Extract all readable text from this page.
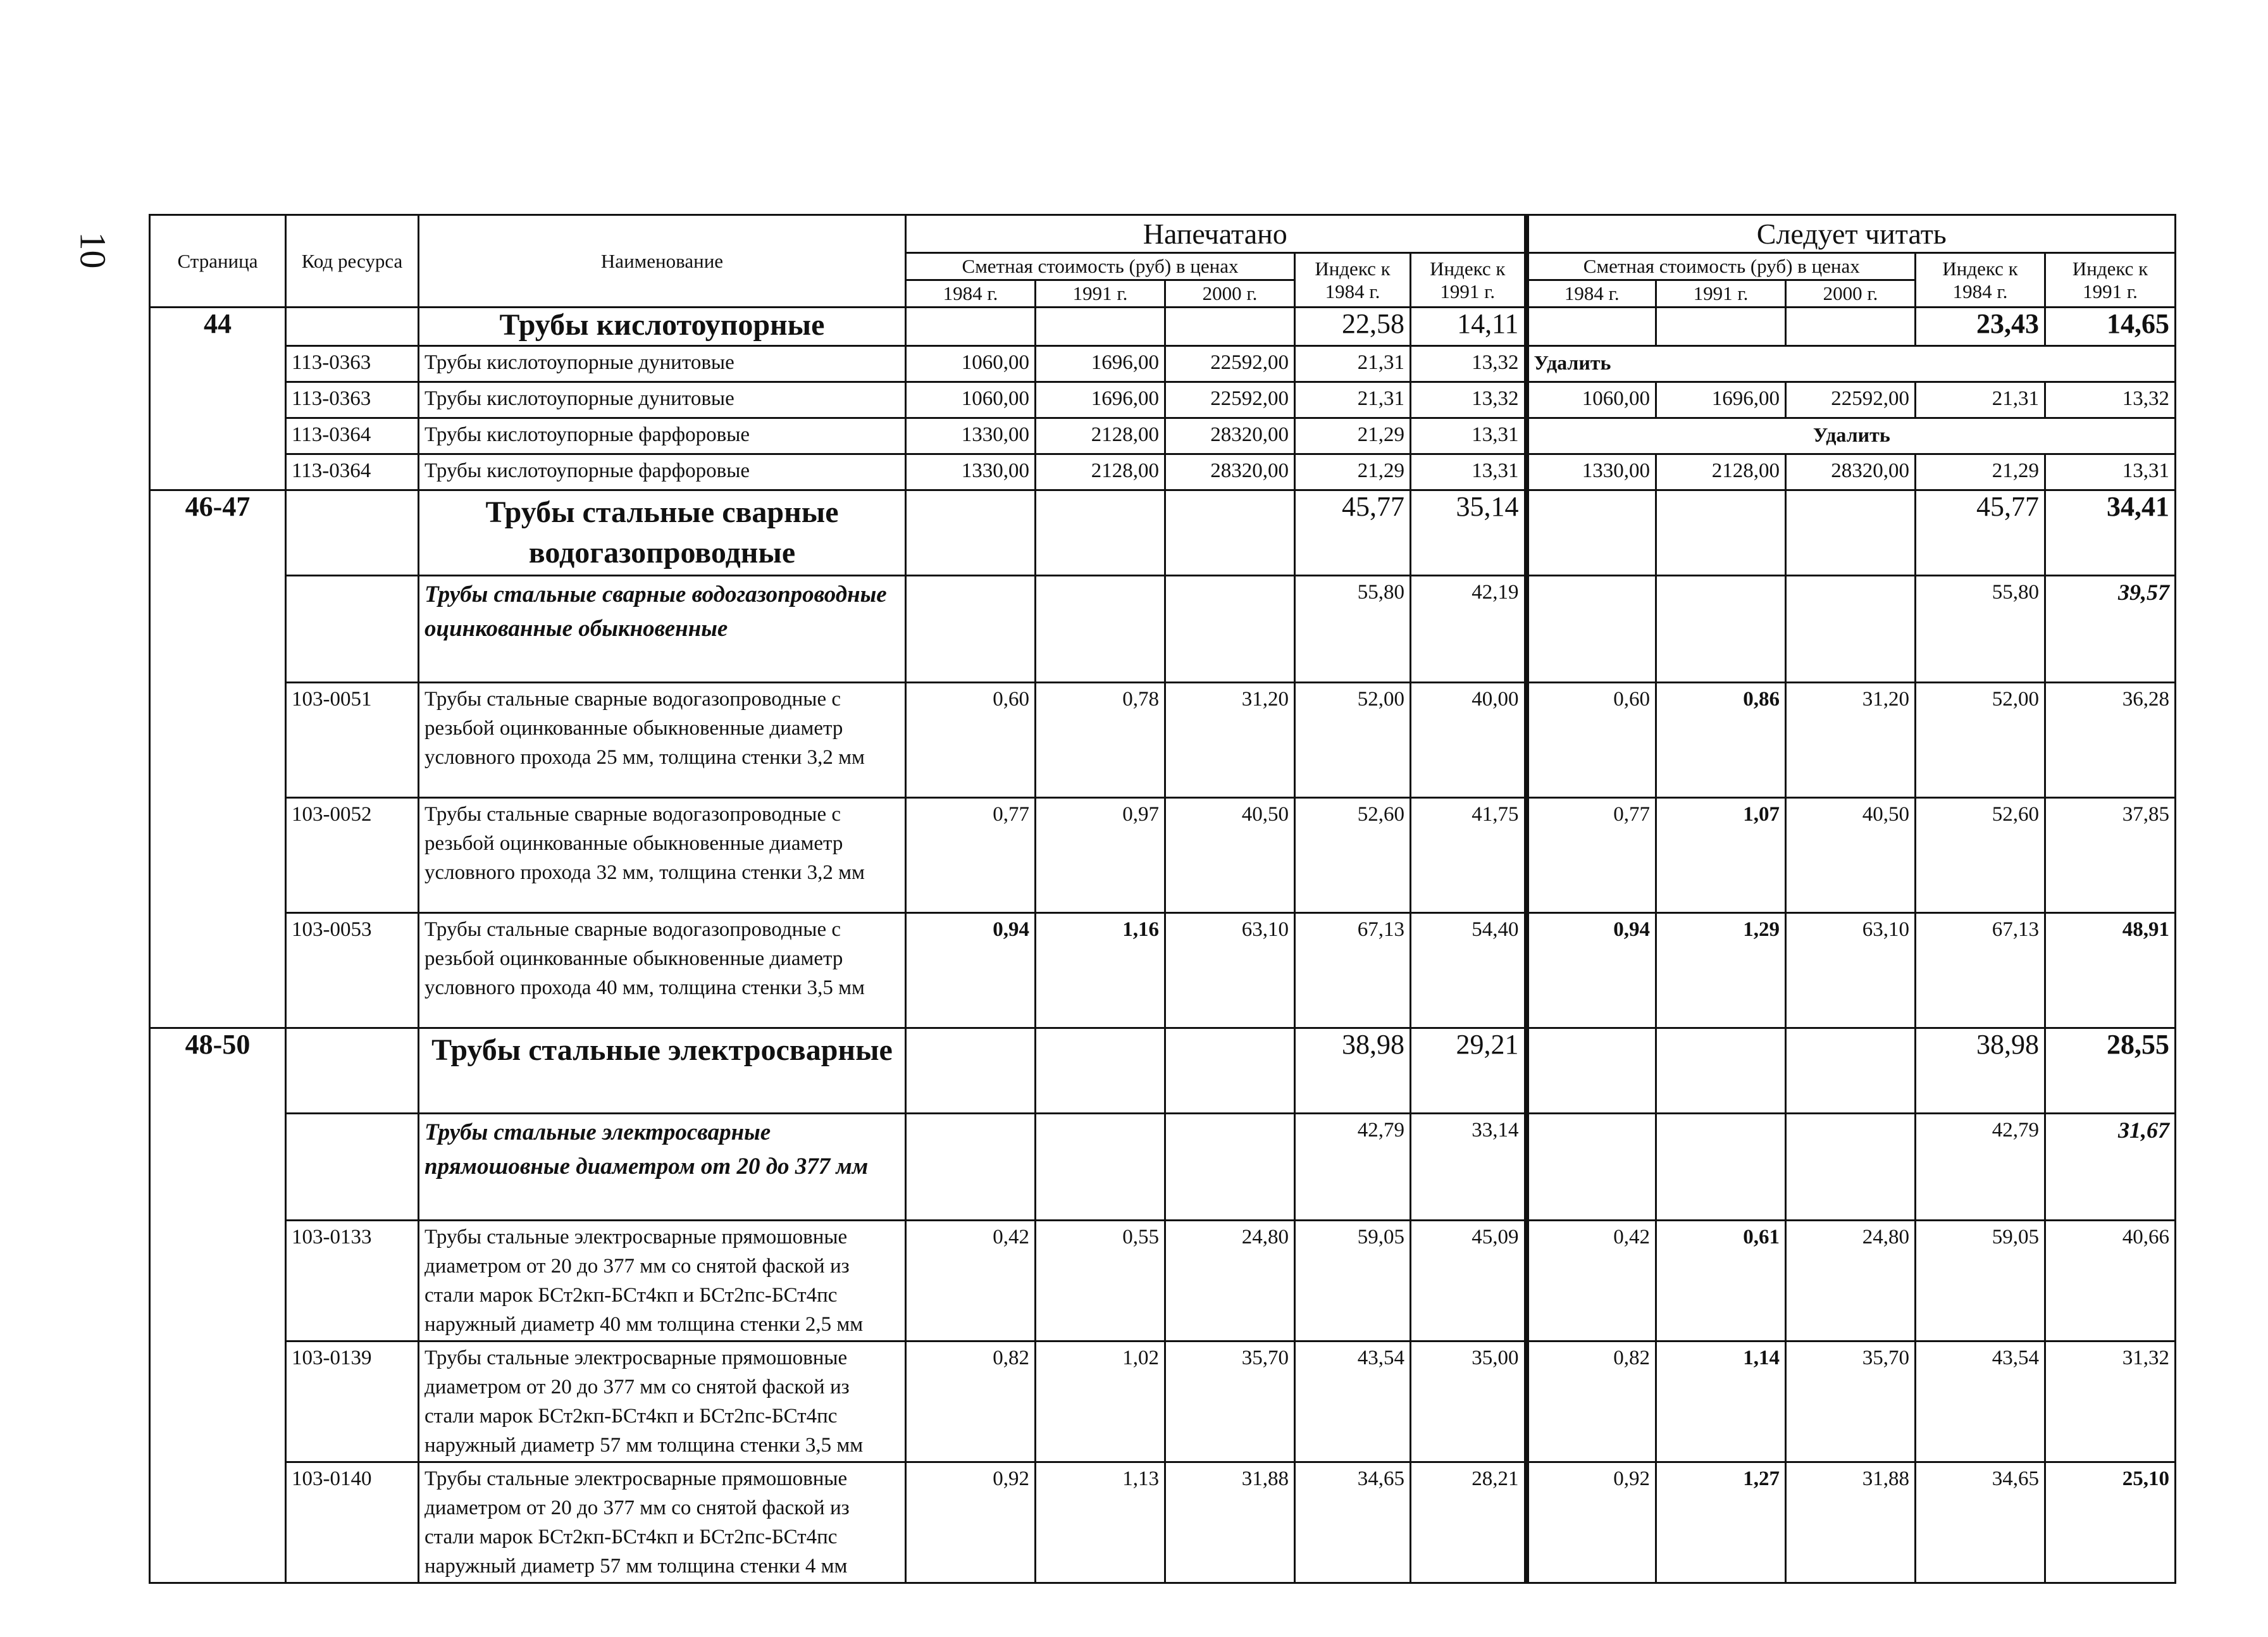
10	Страница	Код ресурса	Наименование	Напечатано					Следует читать				
			Сметная стоимость (руб) в ценах			Индекс к 1984 г.	Индекс к 1991 г.	Сметная стоимость (руб) в ценах			Индекс к 1984 г.	Индекс к 1991 г.
			1984 г.	1991 г.	2000 г.			1984 г.	1991 г.	2000 г.		
44		Трубы кислотоупорные				22,58	14,11				23,43	14,65
	113-0363	Трубы кислотоупорные дунитовые	1060,00	1696,00	22592,00	21,31	13,32	Удалить				
	113-0363	Трубы кислотоупорные дунитовые	1060,00	1696,00	22592,00	21,31	13,32	1060,00	1696,00	22592,00	21,31	13,32
	113-0364	Трубы кислотоупорные фарфоровые	1330,00	2128,00	28320,00	21,29	13,31	Удалить				
	113-0364	Трубы кислотоупорные фарфоровые	1330,00	2128,00	28320,00	21,29	13,31	1330,00	2128,00	28320,00	21,29	13,31
46-47		Трубы стальные сварные водогазопроводные				45,77	35,14				45,77	34,41
		Трубы стальные сварные водогазопроводные оцинкованные обыкновенные				55,80	42,19				55,80	39,57
	103-0051	Трубы стальные сварные водогазопроводные с резьбой оцинкованные обыкновенные диаметр условного прохода 25 мм, толщина стенки 3,2 мм	0,60	0,78	31,20	52,00	40,00	0,60	0,86	31,20	52,00	36,28
	103-0052	Трубы стальные сварные водогазопроводные с резьбой оцинкованные обыкновенные диаметр условного прохода 32 мм, толщина стенки 3,2 мм	0,77	0,97	40,50	52,60	41,75	0,77	1,07	40,50	52,60	37,85
	103-0053	Трубы стальные сварные водогазопроводные с резьбой оцинкованные обыкновенные диаметр условного прохода 40 мм, толщина стенки 3,5 мм	0,94	1,16	63,10	67,13	54,40	0,94	1,29	63,10	67,13	48,91
48-50		Трубы стальные электросварные				38,98	29,21				38,98	28,55
		Трубы стальные электросварные прямошовные диаметром от 20 до 377 мм				42,79	33,14				42,79	31,67
	103-0133	Трубы стальные электросварные прямошовные диаметром от 20 до 377 мм со снятой фаской из стали марок БСт2кп-БСт4кп и БСт2пс-БСт4пс наружный диаметр 40 мм толщина стенки 2,5 мм	0,42	0,55	24,80	59,05	45,09	0,42	0,61	24,80	59,05	40,66
	103-0139	Трубы стальные электросварные прямошовные диаметром от 20 до 377 мм со снятой фаской из стали марок БСт2кп-БСт4кп и БСт2пс-БСт4пс наружный диаметр 57 мм толщина стенки 3,5 мм	0,82	1,02	35,70	43,54	35,00	0,82	1,14	35,70	43,54	31,32
	103-0140	Трубы стальные электросварные прямошовные диаметром от 20 до 377 мм со снятой фаской из стали марок БСт2кп-БСт4кп и БСт2пс-БСт4пс наружный диаметр 57 мм толщина стенки 4 мм	0,92	1,13	31,88	34,65	28,21	0,92	1,27	31,88	34,65	25,10
